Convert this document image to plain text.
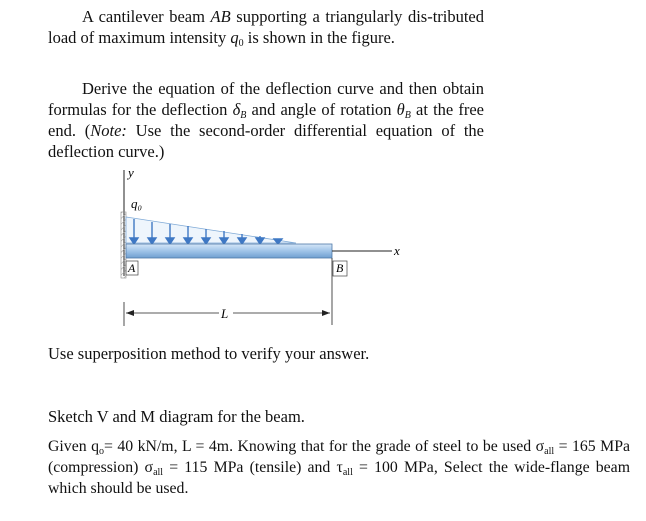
A cantilever beam AB supporting a triangularly dis-tributed load of maximum intensity $q_0$ is shown in the figure.
Derive the equation of the deflection curve and then obtain formulas for the deflection $\delta_B$ and angle of rotation $\theta_B$ at the free end. (Note: Use the second-order differential equation of the deflection curve.)
y
q₀
x
A	B
L
Use superposition method to verify your answer.
Sketch V and M diagram for the beam.
Given $q_o= 40$ kN/m, L = 4m. Knowing that for the grade of steel to be used $\sigma_{all} = 165$ MPa (compression) $\sigma_{all} = 115$ MPa (tensile) and $\tau_{all} = 100$ MPa, Select the wide-flange beam which should be used.
